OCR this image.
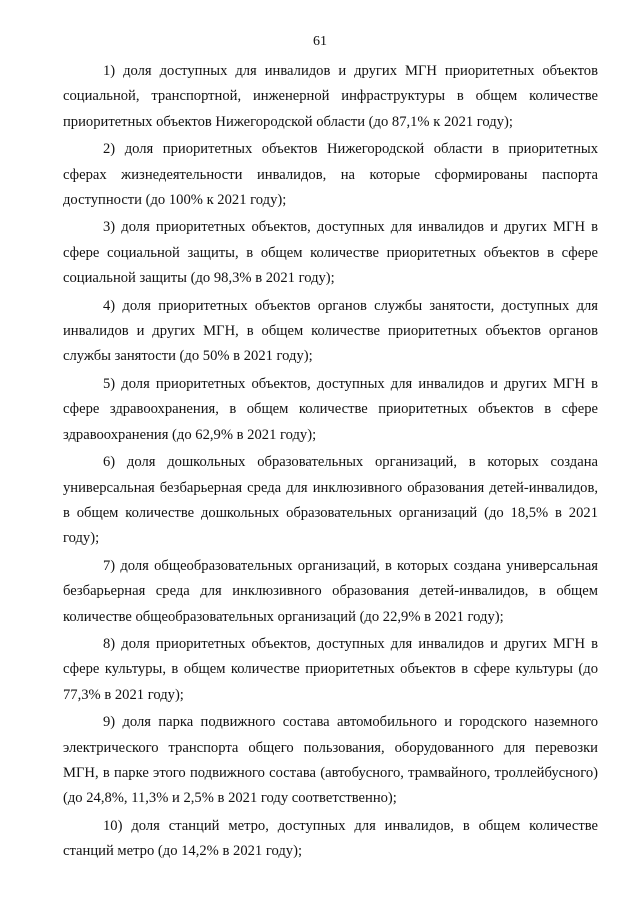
61

1) доля доступных для инвалидов и других МГН приоритетных объектов социальной, транспортной, инженерной инфраструктуры в общем количестве приоритетных объектов Нижегородской области (до 87,1% к 2021 году);

2) доля приоритетных объектов Нижегородской области в приоритетных сферах жизнедеятельности инвалидов, на которые сформированы паспорта доступности (до 100% к 2021 году);

3) доля приоритетных объектов, доступных для инвалидов и других МГН в сфере социальной защиты, в общем количестве приоритетных объектов в сфере социальной защиты (до 98,3% в 2021 году);

4) доля приоритетных объектов органов службы занятости, доступных для инвалидов и других МГН, в общем количестве приоритетных объектов органов службы занятости (до 50% в 2021 году);

5) доля приоритетных объектов, доступных для инвалидов и других МГН в сфере здравоохранения, в общем количестве приоритетных объектов в сфере здравоохранения (до 62,9% в 2021 году);

6) доля дошкольных образовательных организаций, в которых создана универсальная безбарьерная среда для инклюзивного образования детей-инвалидов, в общем количестве дошкольных образовательных организаций (до 18,5% в 2021 году);

7) доля общеобразовательных организаций, в которых создана универсальная безбарьерная среда для инклюзивного образования детей-инвалидов, в общем количестве общеобразовательных организаций (до 22,9% в 2021 году);

8) доля приоритетных объектов, доступных для инвалидов и других МГН в сфере культуры, в общем количестве приоритетных объектов в сфере культуры (до 77,3% в 2021 году);

9) доля парка подвижного состава автомобильного и городского наземного электрического транспорта общего пользования, оборудованного для перевозки МГН, в парке этого подвижного состава (автобусного, трамвайного, троллейбусного) (до 24,8%, 11,3% и 2,5% в 2021 году соответственно);

10) доля станций метро, доступных для инвалидов, в общем количестве станций метро (до 14,2% в 2021 году);
